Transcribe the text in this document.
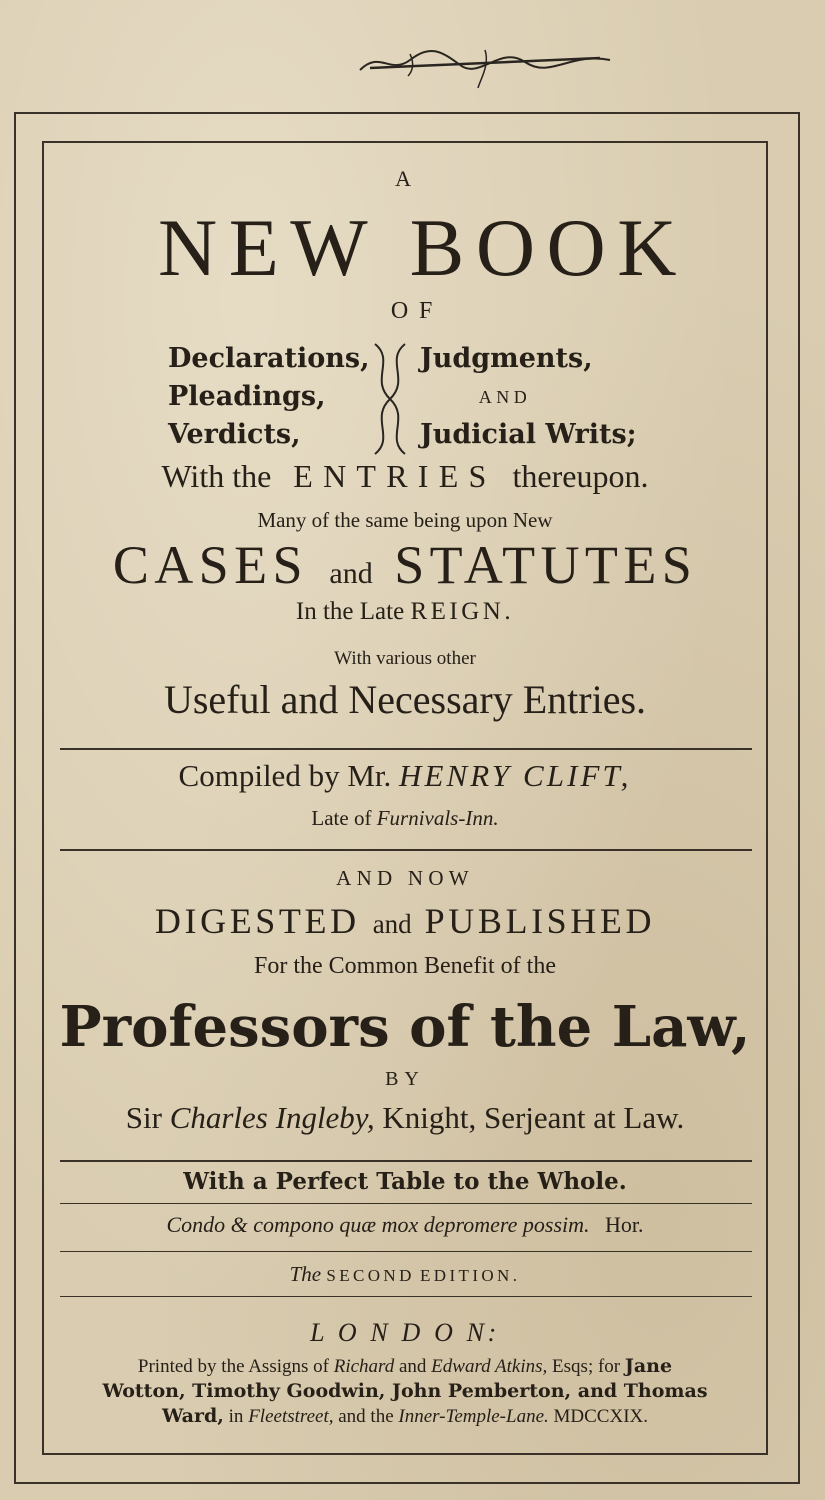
A
NEW BOOK
OF
Declarations,
Pleadings,
Verdicts,
Judgments,
AND
Judicial Writs;
With the ENTRIES thereupon.
Many of the same being upon New
CASES and STATUTES
In the Late REIGN.
With various other
Useful and Necessary Entries.
Compiled by Mr. HENRY CLIFT,
Late of Furnivals-Inn.
AND NOW
DIGESTED and PUBLISHED
For the Common Benefit of the
Professors of the Law,
BY
Sir Charles Ingleby, Knight, Serjeant at Law.
With a Perfect Table to the Whole.
Condo & compono quæ mox depromere possim. Hor.
The SECOND EDITION.
L O N D O N:
Printed by the Assigns of Richard and Edward Atkins, Esqs; for Jane
Wotton, Timothy Goodwin, John Pemberton, and Thomas
Ward, in Fleetstreet, and the Inner-Temple-Lane. MDCCXIX.
